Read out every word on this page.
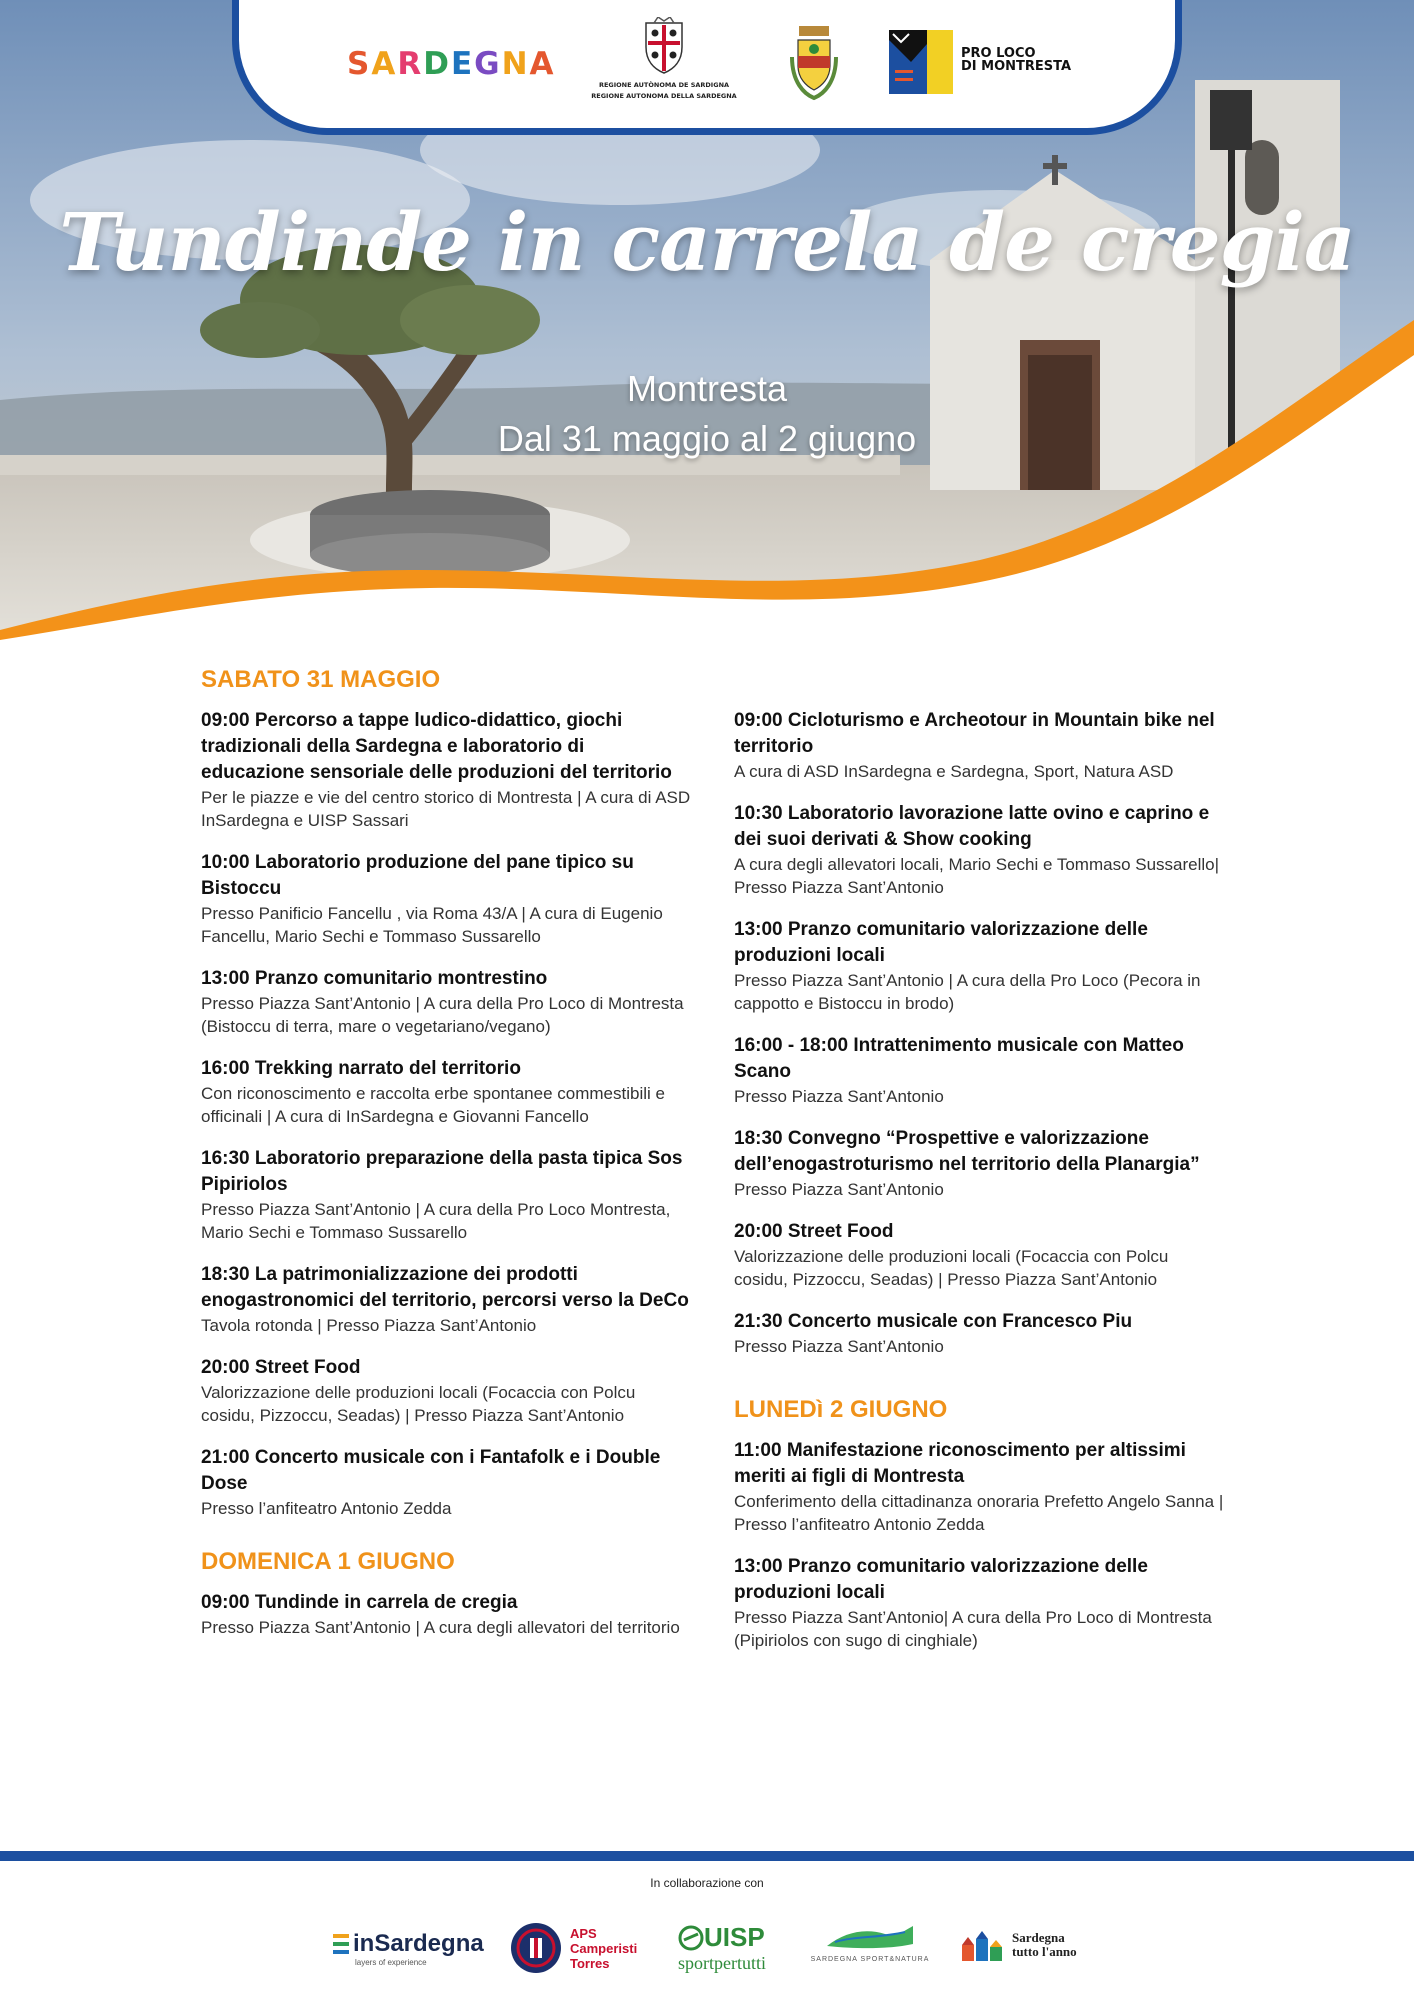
Tundinde in carrela de cregia
Montresta
Dal 31 maggio al 2 giugno
SARDEGNA
REGIONE AUTÒNOMA DE SARDIGNA
REGIONE AUTONOMA DELLA SARDEGNA
PRO LOCO
DI MONTRESTA
SABATO 31 MAGGIO
09:00 Percorso a tappe ludico-didattico, giochi tradizionali della Sardegna e laboratorio di educazione sensoriale delle produzioni del territorio
Per le piazze e vie del centro storico di Montresta | A cura di ASD InSardegna e UISP Sassari
10:00 Laboratorio produzione del pane tipico su Bistoccu
Presso Panificio Fancellu , via Roma 43/A | A cura di Eugenio Fancellu, Mario Sechi e Tommaso Sussarello
13:00 Pranzo comunitario montrestino
Presso Piazza Sant’Antonio | A cura della Pro Loco di Montresta (Bistoccu di terra, mare o vegetariano/vegano)
16:00 Trekking narrato del territorio
Con riconoscimento e raccolta erbe spontanee commestibili e officinali | A cura di InSardegna e Giovanni Fancello
16:30 Laboratorio preparazione della pasta tipica Sos Pipiriolos
Presso Piazza Sant’Antonio | A cura della Pro Loco Montresta, Mario Sechi e Tommaso Sussarello
18:30 La patrimonializzazione dei prodotti enogastronomici del territorio, percorsi verso la DeCo
Tavola rotonda | Presso Piazza Sant’Antonio
20:00 Street Food
Valorizzazione delle produzioni locali (Focaccia con Polcu cosidu, Pizzoccu, Seadas) | Presso Piazza Sant’Antonio
21:00 Concerto musicale con i Fantafolk e i Double Dose
Presso l’anfiteatro Antonio Zedda
DOMENICA 1 GIUGNO
09:00 Tundinde in carrela de cregia
Presso Piazza Sant’Antonio | A cura degli allevatori del territorio
09:00 Cicloturismo e Archeotour in Mountain bike nel territorio
A cura di ASD InSardegna e Sardegna, Sport, Natura ASD
10:30 Laboratorio lavorazione latte ovino e caprino e dei suoi derivati & Show cooking
A cura degli allevatori locali, Mario Sechi e Tommaso Sussarello| Presso Piazza Sant’Antonio
13:00 Pranzo comunitario valorizzazione delle produzioni locali
Presso Piazza Sant’Antonio | A cura della Pro Loco (Pecora in cappotto e Bistoccu in brodo)
16:00 - 18:00 Intrattenimento musicale con Matteo Scano
Presso Piazza Sant’Antonio
18:30 Convegno “Prospettive e valorizzazione dell’enogastroturismo nel territorio della Planargia”
Presso Piazza Sant’Antonio
20:00 Street Food
Valorizzazione delle produzioni locali (Focaccia con Polcu cosidu, Pizzoccu, Seadas) | Presso Piazza Sant’Antonio
21:30 Concerto musicale con Francesco Piu
Presso Piazza Sant’Antonio
LUNEDì 2 GIUGNO
11:00 Manifestazione riconoscimento per altissimi meriti ai figli di Montresta
Conferimento della cittadinanza onoraria Prefetto Angelo Sanna | Presso l’anfiteatro Antonio Zedda
13:00 Pranzo comunitario valorizzazione delle produzioni locali
Presso Piazza Sant’Antonio| A cura della Pro Loco di Montresta (Pipiriolos con sugo di cinghiale)
In collaborazione con
inSardegna
layers of experience
APS
Camperisti
Torres
UISP
sportpertutti	SARDEGNA SPORT&NATURA
Sardegna
tutto l'anno
